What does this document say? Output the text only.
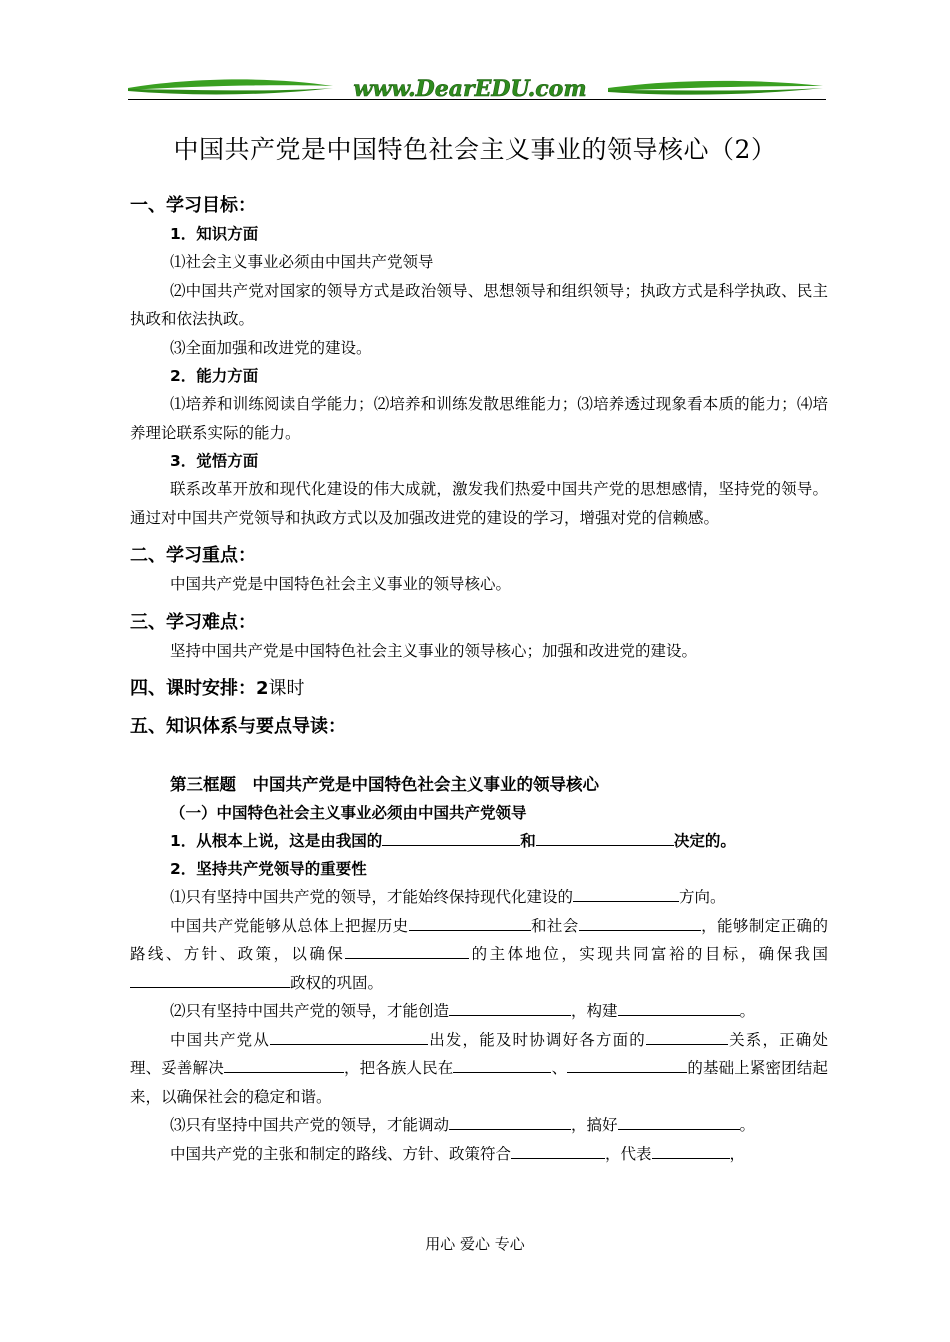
www.DearEDU.com
中国共产党是中国特色社会主义事业的领导核心（2）
一、学习目标：
1．知识方面
⑴社会主义事业必须由中国共产党领导
⑵中国共产党对国家的领导方式是政治领导、思想领导和组织领导；执政方式是科学执政、民主执政和依法执政。
⑶全面加强和改进党的建设。
2．能力方面
⑴培养和训练阅读自学能力；⑵培养和训练发散思维能力；⑶培养透过现象看本质的能力；⑷培养理论联系实际的能力。
3．觉悟方面
联系改革开放和现代化建设的伟大成就，激发我们热爱中国共产党的思想感情，坚持党的领导。通过对中国共产党领导和执政方式以及加强改进党的建设的学习，增强对党的信赖感。
二、学习重点：
中国共产党是中国特色社会主义事业的领导核心。
三、学习难点：
坚持中国共产党是中国特色社会主义事业的领导核心；加强和改进党的建设。
四、课时安排：2课时
五、知识体系与要点导读：
第三框题　中国共产党是中国特色社会主义事业的领导核心
（一）中国特色社会主义事业必须由中国共产党领导
1．从根本上说，这是由我国的	和	决定的。
2．坚持共产党领导的重要性
⑴只有坚持中国共产党的领导，才能始终保持现代化建设的	方向。
中国共产党能够从总体上把握历史	和社会	，能够制定正确的路线、方针、政策，以确保	的主体地位，实现共同富裕的目标，确保我国政权的巩固。
⑵只有坚持中国共产党的领导，才能创造	，构建	。
中国共产党从	出发，能及时协调好各方面的	关系，正确处理、妥善解决	，把各族人民在	、	的基础上紧密团结起来，以确保社会的稳定和谐。
⑶只有坚持中国共产党的领导，才能调动	，搞好	。
中国共产党的主张和制定的路线、方针、政策符合	，代表	，
用心 爱心 专心
